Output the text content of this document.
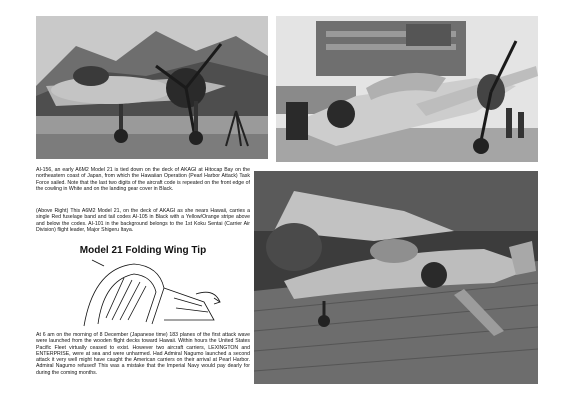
AI-156, an early A6M2 Model 21 is tied down on the deck of AKAGI at Hitocap Bay on the northeastern coast of Japan, from which the Hawaiian Operation (Pearl Harbor Attack) Task Force sailed. Note that the last two digits of the aircraft code is repeated on the front edge of the cowling in White and on the landing gear cover in Black.

(Above Right) This A6M2 Model 21, on the deck of AKAGI as she nears Hawaii, carries a single Red fuselage band and tail codes AI-105 in Black with a Yellow/Orange stripe above and below the codes. AI-101 in the background belongs to the 1st Koku Sentai (Carrier Air Division) flight leader, Major Shigeru Itaya.

Model 21 Folding Wing Tip

At 6 am on the morning of 8 December (Japanese time) 183 planes of the first attack wave were launched from the wooden flight decks toward Hawaii. Within hours the United States Pacific Fleet virtually ceased to exist. However two aircraft carriers, LEXINGTON and ENTERPRISE, were at sea and were unharmed. Had Admiral Nagumo launched a second attack it very well might have caught the American carriers on their arrival at Pearl Harbor. Admiral Nagumo refused! This was a mistake that the Imperial Navy would pay dearly for during the coming months.
